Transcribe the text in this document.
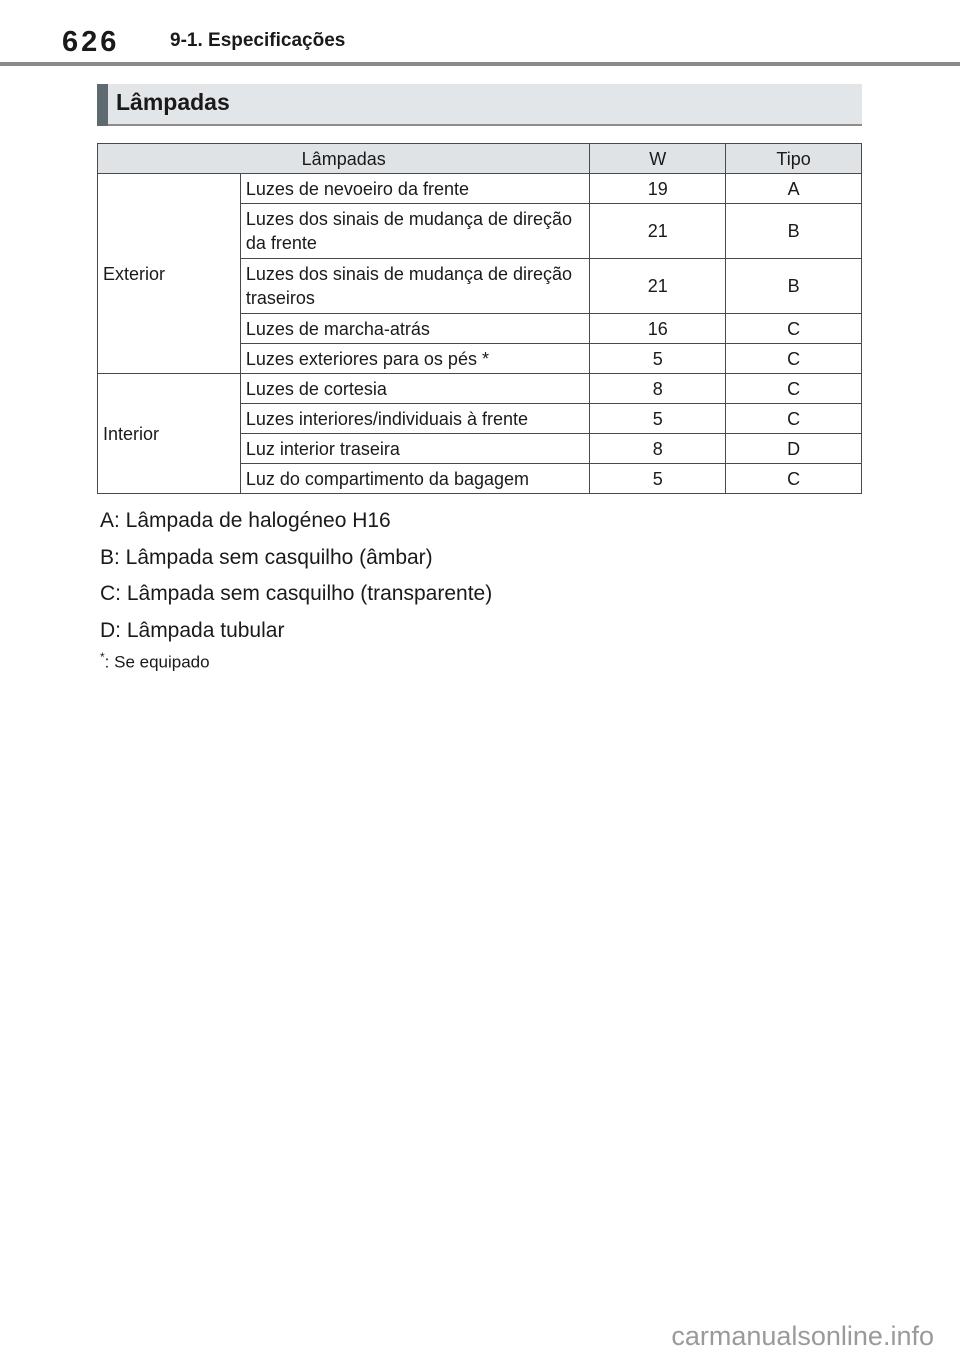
626	9-1. Especificações
Lâmpadas
Lâmpadas		W	Tipo
Exterior	Luzes de nevoeiro da frente	19	A
	Luzes dos sinais de mudança de direção da frente	21	B
	Luzes dos sinais de mudança de direção traseiros	21	B
	Luzes de marcha-atrás	16	C
	Luzes exteriores para os pés *	5	C
Interior	Luzes de cortesia	8	C
	Luzes interiores/individuais à frente	5	C
	Luz interior traseira	8	D
	Luz do compartimento da bagagem	5	C
A: Lâmpada de halogéneo H16
B: Lâmpada sem casquilho (âmbar)
C: Lâmpada sem casquilho (transparente)
D: Lâmpada tubular
*: Se equipado
carmanualsonline.info
